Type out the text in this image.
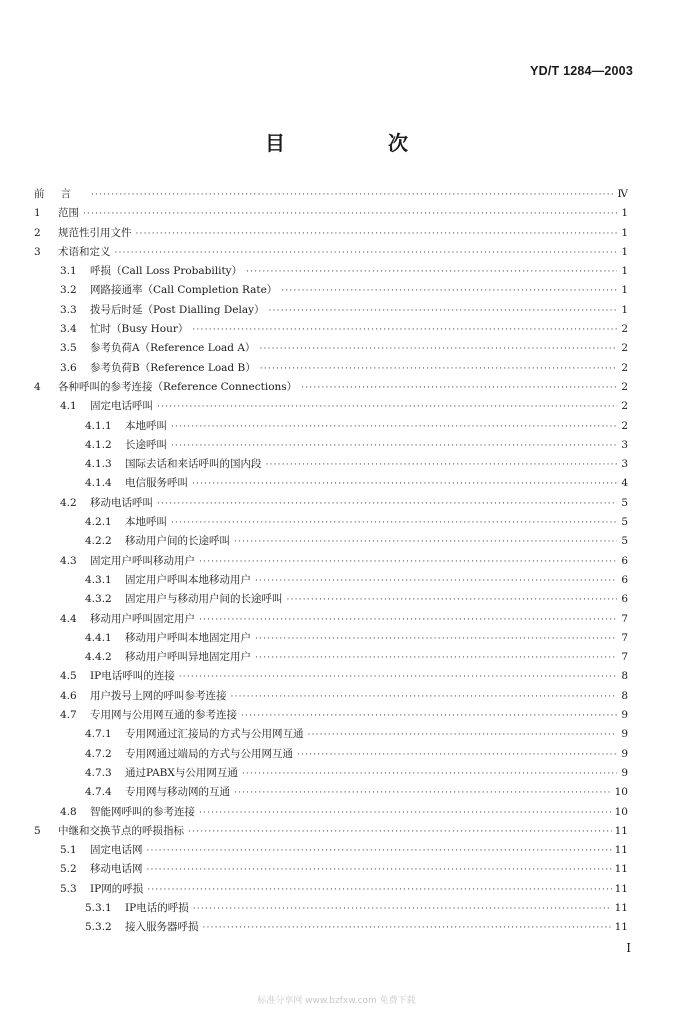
YD/T 1284—2003
目 次
前言 ·····	Ⅳ
1	范围 ·····	1
2	规范性引用文件 ·····	1
3	术语和定义 ·····	1
3.1	呼损（Call Loss Probability） ·····	1
3.2	网路接通率（Call Completion Rate） ·····	1
3.3	拨号后时延（Post Dialling Delay） ·····	1
3.4	忙时（Busy Hour） ·····	2
3.5	参考负荷A（Reference Load A） ·····	2
3.6	参考负荷B（Reference Load B） ·····	2
4	各种呼叫的参考连接（Reference Connections） ·····	2
4.1	固定电话呼叫 ·····	2
4.1.1	本地呼叫 ·····	2
4.1.2	长途呼叫 ·····	3
4.1.3	国际去话和来话呼叫的国内段 ·····	3
4.1.4	电信服务呼叫 ·····	4
4.2	移动电话呼叫 ·····	5
4.2.1	本地呼叫 ·····	5
4.2.2	移动用户间的长途呼叫 ·····	5
4.3	固定用户呼叫移动用户 ·····	6
4.3.1	固定用户呼叫本地移动用户 ·····	6
4.3.2	固定用户与移动用户间的长途呼叫 ·····	6
4.4	移动用户呼叫固定用户 ·····	7
4.4.1	移动用户呼叫本地固定用户 ·····	7
4.4.2	移动用户呼叫异地固定用户 ·····	7
4.5	IP电话呼叫的连接 ·····	8
4.6	用户拨号上网的呼叫参考连接 ·····	8
4.7	专用网与公用网互通的参考连接 ·····	9
4.7.1	专用网通过汇接局的方式与公用网互通 ·····	9
4.7.2	专用网通过端局的方式与公用网互通 ·····	9
4.7.3	通过PABX与公用网互通 ·····	9
4.7.4	专用网与移动网的互通 ·····	10
4.8	智能网呼叫的参考连接 ·····	10
5	中继和交换节点的呼损指标 ·····	11
5.1	固定电话网 ·····	11
5.2	移动电话网 ·····	11
5.3	IP网的呼损 ·····	11
5.3.1	IP电话的呼损 ·····	11
5.3.2	接入服务器呼损 ·····	11
I
标准分享网 www.bzfxw.com 免费下载
